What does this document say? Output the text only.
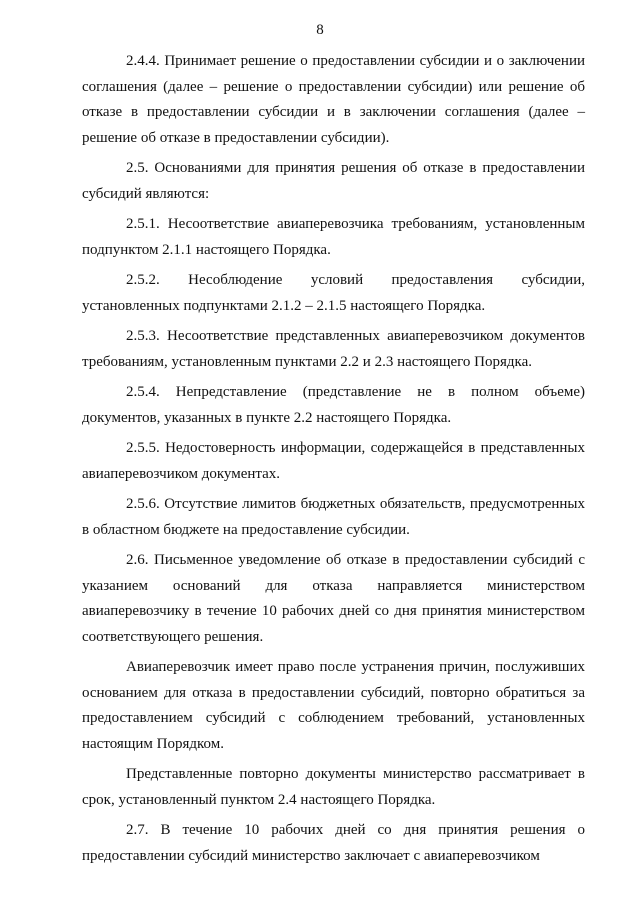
8

2.4.4. Принимает решение о предоставлении субсидии и о заключении соглашения (далее – решение о предоставлении субсидии) или решение об отказе в предоставлении субсидии и в заключении соглашения (далее – решение об отказе в предоставлении субсидии).

2.5. Основаниями для принятия решения об отказе в предоставлении субсидий являются:

2.5.1. Несоответствие авиаперевозчика требованиям, установленным подпунктом 2.1.1 настоящего Порядка.

2.5.2. Несоблюдение условий предоставления субсидии, установленных подпунктами 2.1.2 – 2.1.5 настоящего Порядка.

2.5.3. Несоответствие представленных авиаперевозчиком документов требованиям, установленным пунктами 2.2 и 2.3 настоящего Порядка.

2.5.4. Непредставление (представление не в полном объеме) документов, указанных в пункте 2.2 настоящего Порядка.

2.5.5. Недостоверность информации, содержащейся в представленных авиаперевозчиком документах.

2.5.6. Отсутствие лимитов бюджетных обязательств, предусмотренных в областном бюджете на предоставление субсидии.

2.6. Письменное уведомление об отказе в предоставлении субсидий с указанием оснований для отказа направляется министерством авиаперевозчику в течение 10 рабочих дней со дня принятия министерством соответствующего решения.

Авиаперевозчик имеет право после устранения причин, послуживших основанием для отказа в предоставлении субсидий, повторно обратиться за предоставлением субсидий с соблюдением требований, установленных настоящим Порядком.

Представленные повторно документы министерство рассматривает в срок, установленный пунктом 2.4 настоящего Порядка.

2.7. В течение 10 рабочих дней со дня принятия решения о предоставлении субсидий министерство заключает с авиаперевозчиком
